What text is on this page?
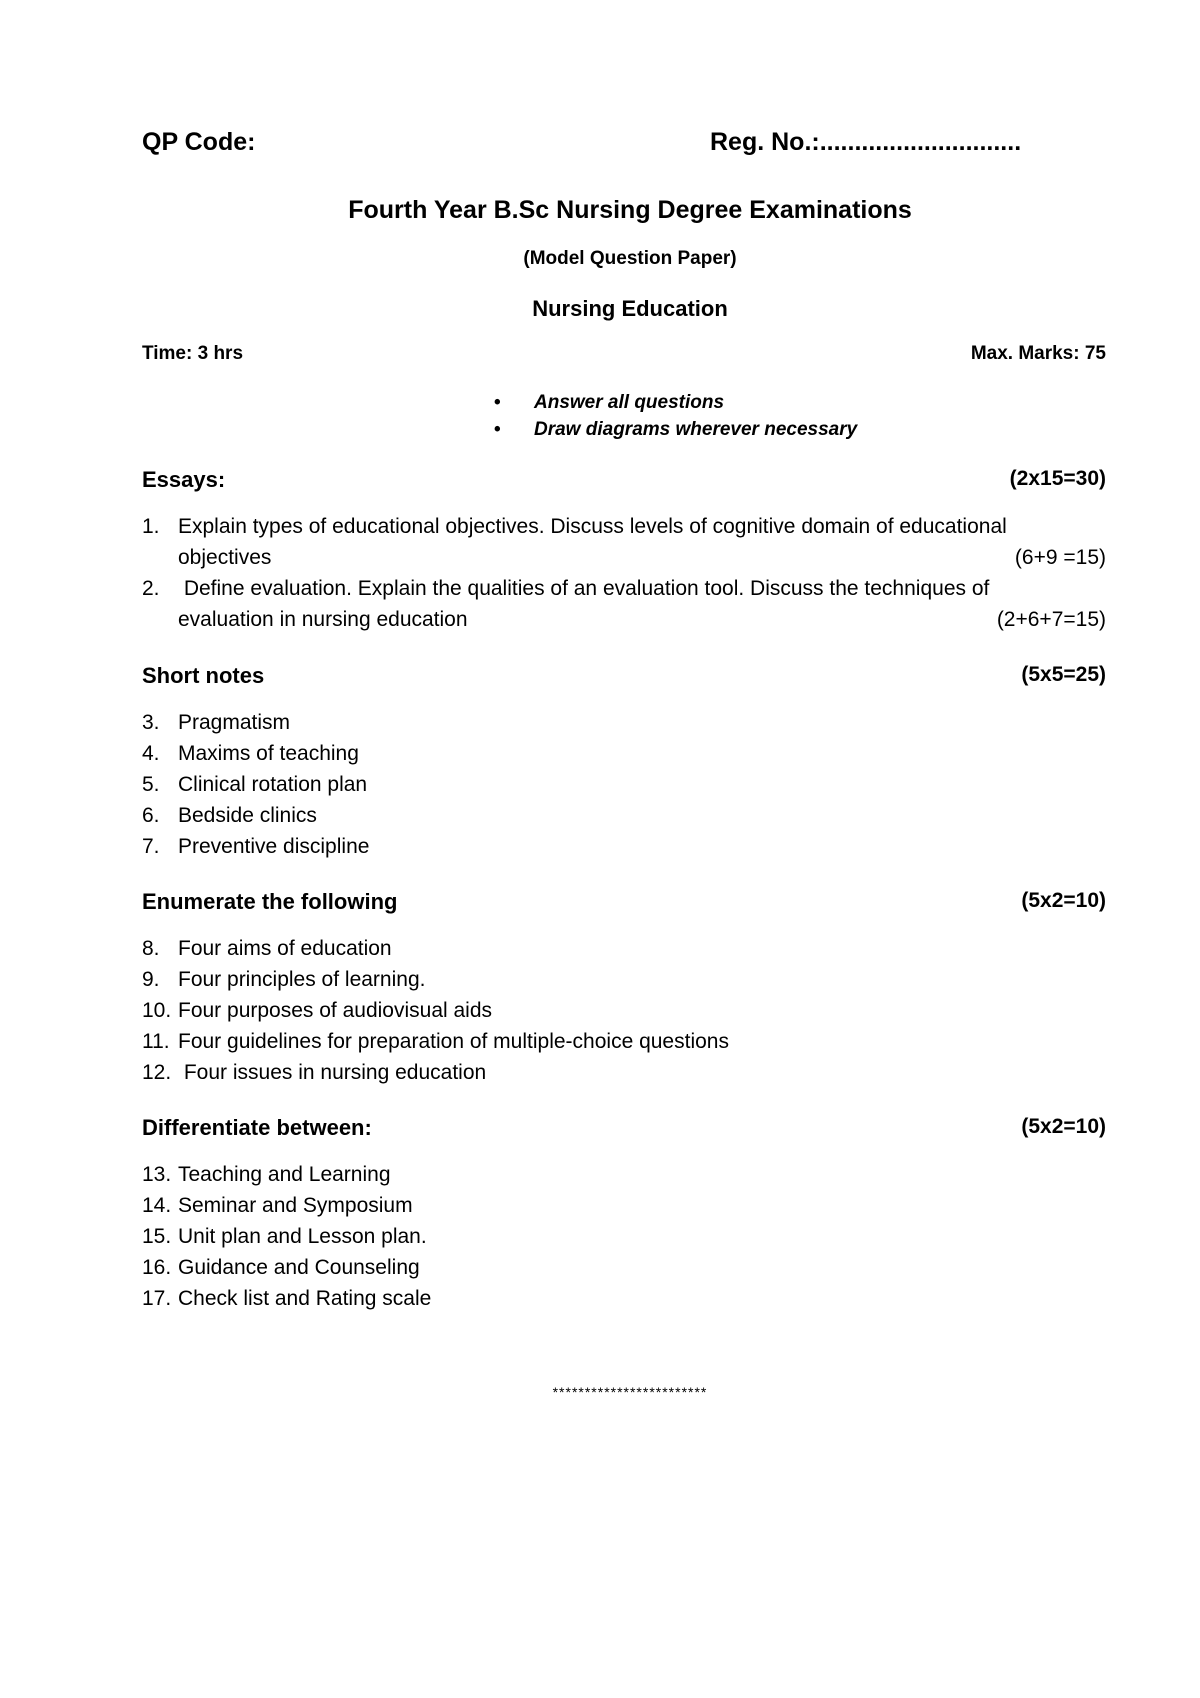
QP Code:	Reg. No.:.............................
Fourth Year B.Sc Nursing Degree Examinations
(Model Question Paper)
Nursing Education
Time: 3 hrs	Max. Marks: 75
• Answer all questions
• Draw diagrams wherever necessary
Essays:	(2x15=30)
1. Explain types of educational objectives. Discuss levels of cognitive domain of educational
objectives	(6+9 =15)
2. Define evaluation. Explain the qualities of an evaluation tool. Discuss the techniques of
evaluation in nursing education	(2+6+7=15)
Short notes	(5x5=25)
3. Pragmatism
4. Maxims of teaching
5. Clinical rotation plan
6. Bedside clinics
7. Preventive discipline
Enumerate the following	(5x2=10)
8. Four aims of education
9. Four principles of learning.
10. Four purposes of audiovisual aids
11. Four guidelines for preparation of multiple-choice questions
12. Four issues in nursing education
Differentiate between:	(5x2=10)
13. Teaching and Learning
14. Seminar and Symposium
15. Unit plan and Lesson plan.
16. Guidance and Counseling
17. Check list and Rating scale
************************
